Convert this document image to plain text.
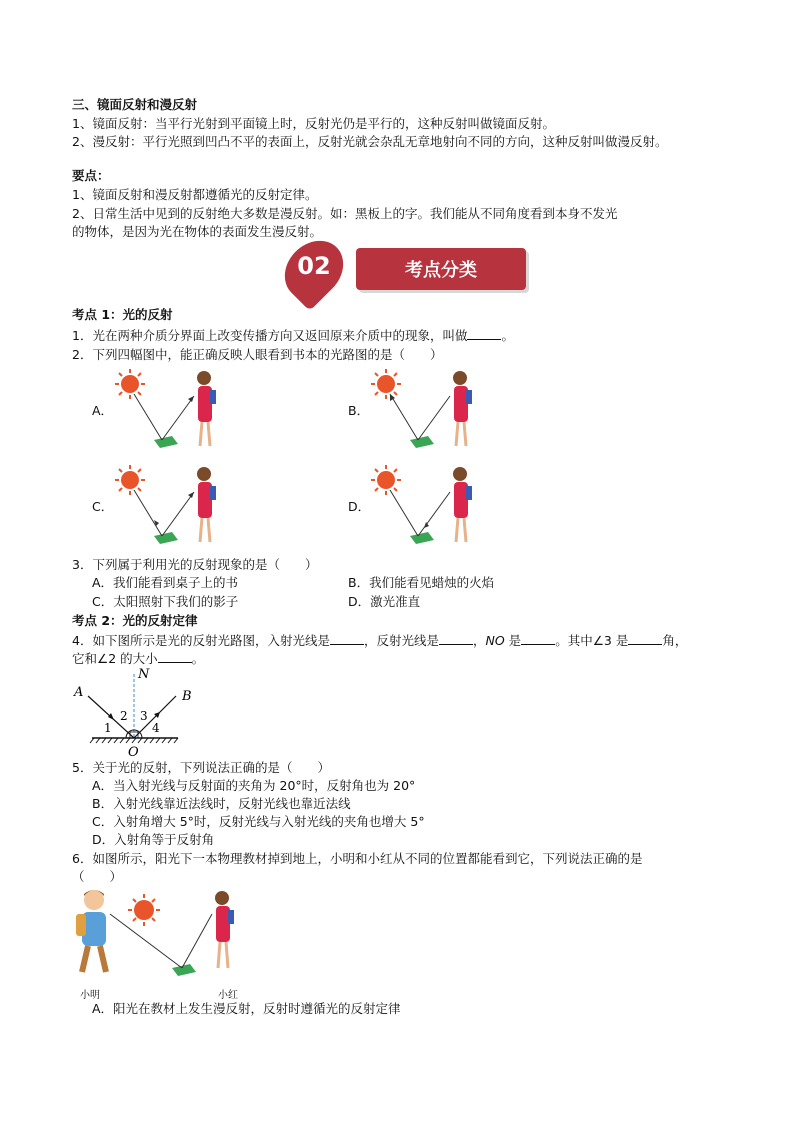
三、镜面反射和漫反射
1、镜面反射：当平行光射到平面镜上时，反射光仍是平行的，这种反射叫做镜面反射。
2、漫反射：平行光照到凹凸不平的表面上，反射光就会杂乱无章地射向不同的方向，这种反射叫做漫反射。
要点：
1、镜面反射和漫反射都遵循光的反射定律。
2、日常生活中见到的反射绝大多数是漫反射。如：黑板上的字。我们能从不同角度看到本身不发光
的物体，是因为光在物体的表面发生漫反射。
02	考点分类
考点 1：光的反射
1．光在两种介质分界面上改变传播方向又返回原来介质中的现象，叫做	。
2．下列四幅图中，能正确反映人眼看到书本的光路图的是（　　）
A．	B．
C．	D．
3．下列属于利用光的反射现象的是（　　）
A．我们能看到桌子上的书	B．我们能看见蜡烛的火焰
C．太阳照射下我们的影子	D．激光准直
考点 2：光的反射定律
4．如下图所示是光的反射光路图，入射光线是	，反射光线是	，NO 是	。其中∠3 是	角，
它和∠2 的大小	。
A	B
N
O
1
2 3
4
5．关于光的反射，下列说法正确的是（　　）
A．当入射光线与反射面的夹角为 20°时，反射角也为 20°
B．入射光线靠近法线时，反射光线也靠近法线
C．入射角增大 5°时，反射光线与入射光线的夹角也增大 5°
D．入射角等于反射角
6．如图所示，阳光下一本物理教材掉到地上，小明和小红从不同的位置都能看到它，下列说法正确的是
（　　）
小明	小红
A．阳光在教材上发生漫反射，反射时遵循光的反射定律
